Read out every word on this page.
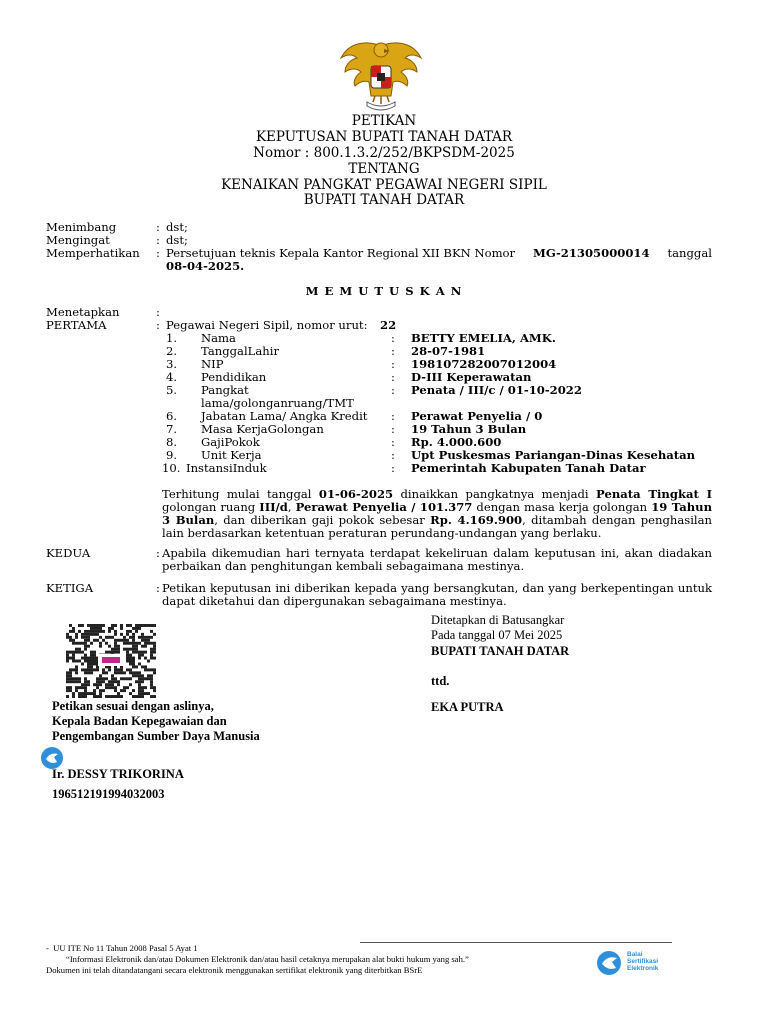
PETIKAN
KEPUTUSAN BUPATI TANAH DATAR
Nomor : 800.1.3.2/252/BKPSDM-2025
TENTANG
KENAIKAN PANGKAT PEGAWAI NEGERI SIPIL
BUPATI TANAH DATAR
Menimbang	: dst;
Mengingat	: dst;
Memperhatikan : Persetujuan teknis Kepala Kantor Regional XII BKN Nomor MG-21305000014 tanggal
08-04-2025.
M E M U T U S K A N
Menetapkan	:
PERTAMA	: Pegawai Negeri Sipil, nomor urut: 22
1. Nama	: BETTY EMELIA, AMK.
2. TanggalLahir	: 28-07-1981
3. NIP	: 198107282007012004
4. Pendidikan	: D-III Keperawatan
5. Pangkat	: Penata / III/c / 01-10-2022
lama/golonganruang/TMT
6. Jabatan Lama/ Angka Kredit : Perawat Penyelia / 0
7. Masa KerjaGolongan	: 19 Tahun 3 Bulan
8. GajiPokok	: Rp. 4.000.600
9. Unit Kerja	: Upt Puskesmas Pariangan-Dinas Kesehatan
10. InstansiInduk	: Pemerintah Kabupaten Tanah Datar
Terhitung mulai tanggal 01-06-2025 dinaikkan pangkatnya menjadi Penata Tingkat I golongan ruang III/d, Perawat Penyelia / 101.377 dengan masa kerja golongan 19 Tahun 3 Bulan, dan diberikan gaji pokok sebesar Rp. 4.169.900, ditambah dengan penghasilan lain berdasarkan ketentuan peraturan perundang-undangan yang berlaku.
KEDUA	: Apabila dikemudian hari ternyata terdapat kekeliruan dalam keputusan ini, akan diadakan perbaikan dan penghitungan kembali sebagaimana mestinya.
KETIGA	: Petikan keputusan ini diberikan kepada yang bersangkutan, dan yang berkepentingan untuk dapat diketahui dan dipergunakan sebagaimana mestinya.
Ditetapkan di Batusangkar
Pada tanggal 07 Mei 2025
BUPATI TANAH DATAR
ttd.
EKA PUTRA
Petikan sesuai dengan aslinya,
Kepala Badan Kepegawaian dan
Pengembangan Sumber Daya Manusia
Ir. DESSY TRIKORINA
196512191994032003
-  UU ITE No 11 Tahun 2008 Pasal 5 Ayat 1
“Informasi Elektronik dan/atau Dokumen Elektronik dan/atau hasil cetaknya merupakan alat bukti hukum yang sah.”
Dokumen ini telah ditandatangani secara elektronik menggunakan sertifikat elektronik yang diterbitkan BSrE
Balai
Sertifikasi
Elektronik
